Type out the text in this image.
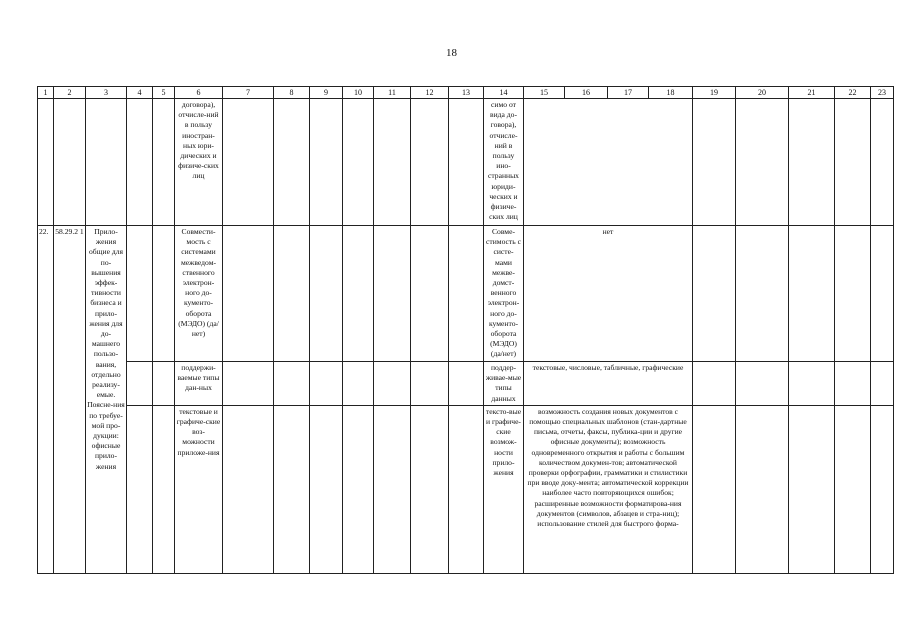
18
1	2	3	4	5	6	7	8	9	10	11	12	13	14	15	16	17	18	19	20	21	22	23
					договора), отчисле-ний в пользу иностран-ных юри-дических и физиче-ских лиц								симо от вида до-говора), отчисле-ний в пользу ино-странных юриди-ческих и физиче-ских лиц									
22.	58.29.2 1	Прило-жения общие для по-вышения эффек-тивности бизнеса и прило-жения для до-машнего пользо-вания, отдельно реализу-емые. Поясне-ния по требуе-мой про-дукции: офисные прило-жения			Совмести-мость с системами межведом-ственного электрон-ного до-кументо-оборота (МЭДО) (да/нет)								Совме-стимость с систе-мами межве-домст-венного электрон-ного до-кументо-оборота (МЭДО) (да/нет)	нет								
					поддержи-ваемые типы дан-ных								поддер-живае-мые типы данных	текстовые, числовые, табличные, графические								
					текстовые и графиче-ские воз-можности приложе-ния								тексто-вые и графиче-ские возмож-ности прило-жения	возможность создания новых документов с помощью специальных шаблонов (стан-дартные письма, отчеты, факсы, публика-ции и другие офисные документы); возможность одновременного открытия и работы с большим количеством докумен-тов; автоматической проверки орфографии, грамматики и стилистики при вводе доку-мента; автоматической коррекции наиболее часто повторяющихся ошибок; расширенные возможности форматирова-ния документов (символов, абзацев и стра-ниц); использование стилей для быстрого форма-								
